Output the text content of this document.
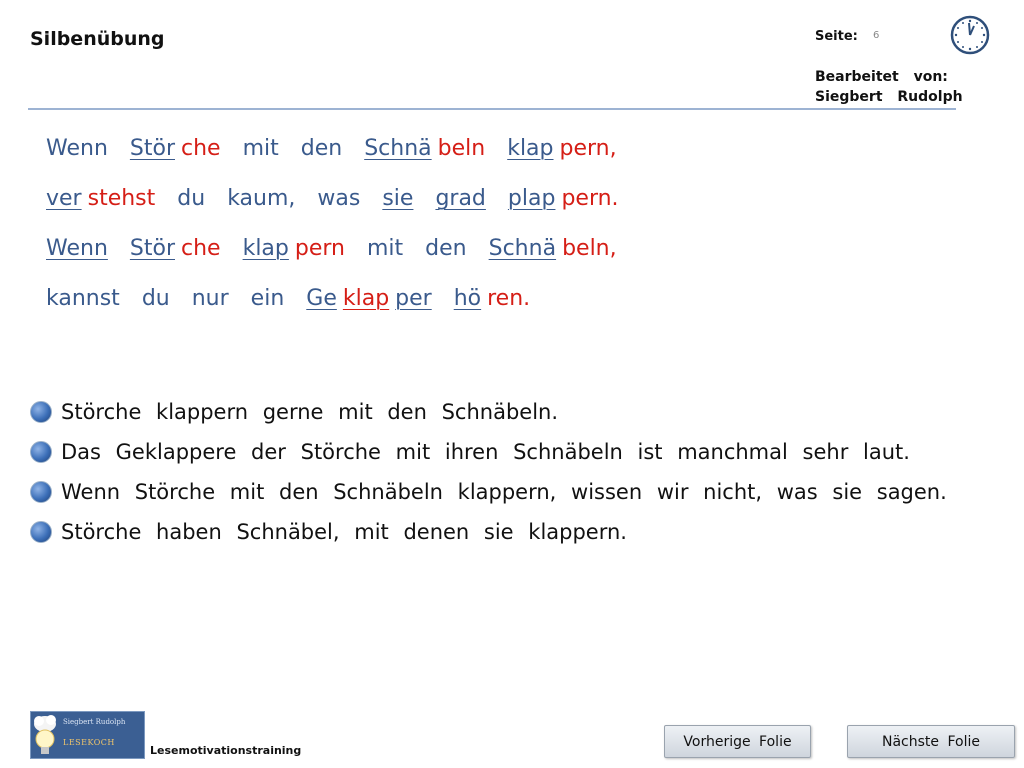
Silbenübung	Seite: 6
Bearbeitet von:
Siegbert Rudolph
Wenn Stör che mit den Schnä beln klap pern,
ver stehst du kaum, was sie grad plap pern.
Wenn Stör che klap pern mit den Schnä beln,
kannst du nur ein Ge klap per hö ren.
Störche klappern gerne mit den Schnäbeln.
Das Geklappere der Störche mit ihren Schnäbeln ist manchmal sehr laut.
Wenn Störche mit den Schnäbeln klappern, wissen wir nicht, was sie sagen.
Störche haben Schnäbel, mit denen sie klappern.
Siegbert Rudolph
LESEKOCH
Lesemotivationstraining
Vorherige Folie	Nächste Folie
